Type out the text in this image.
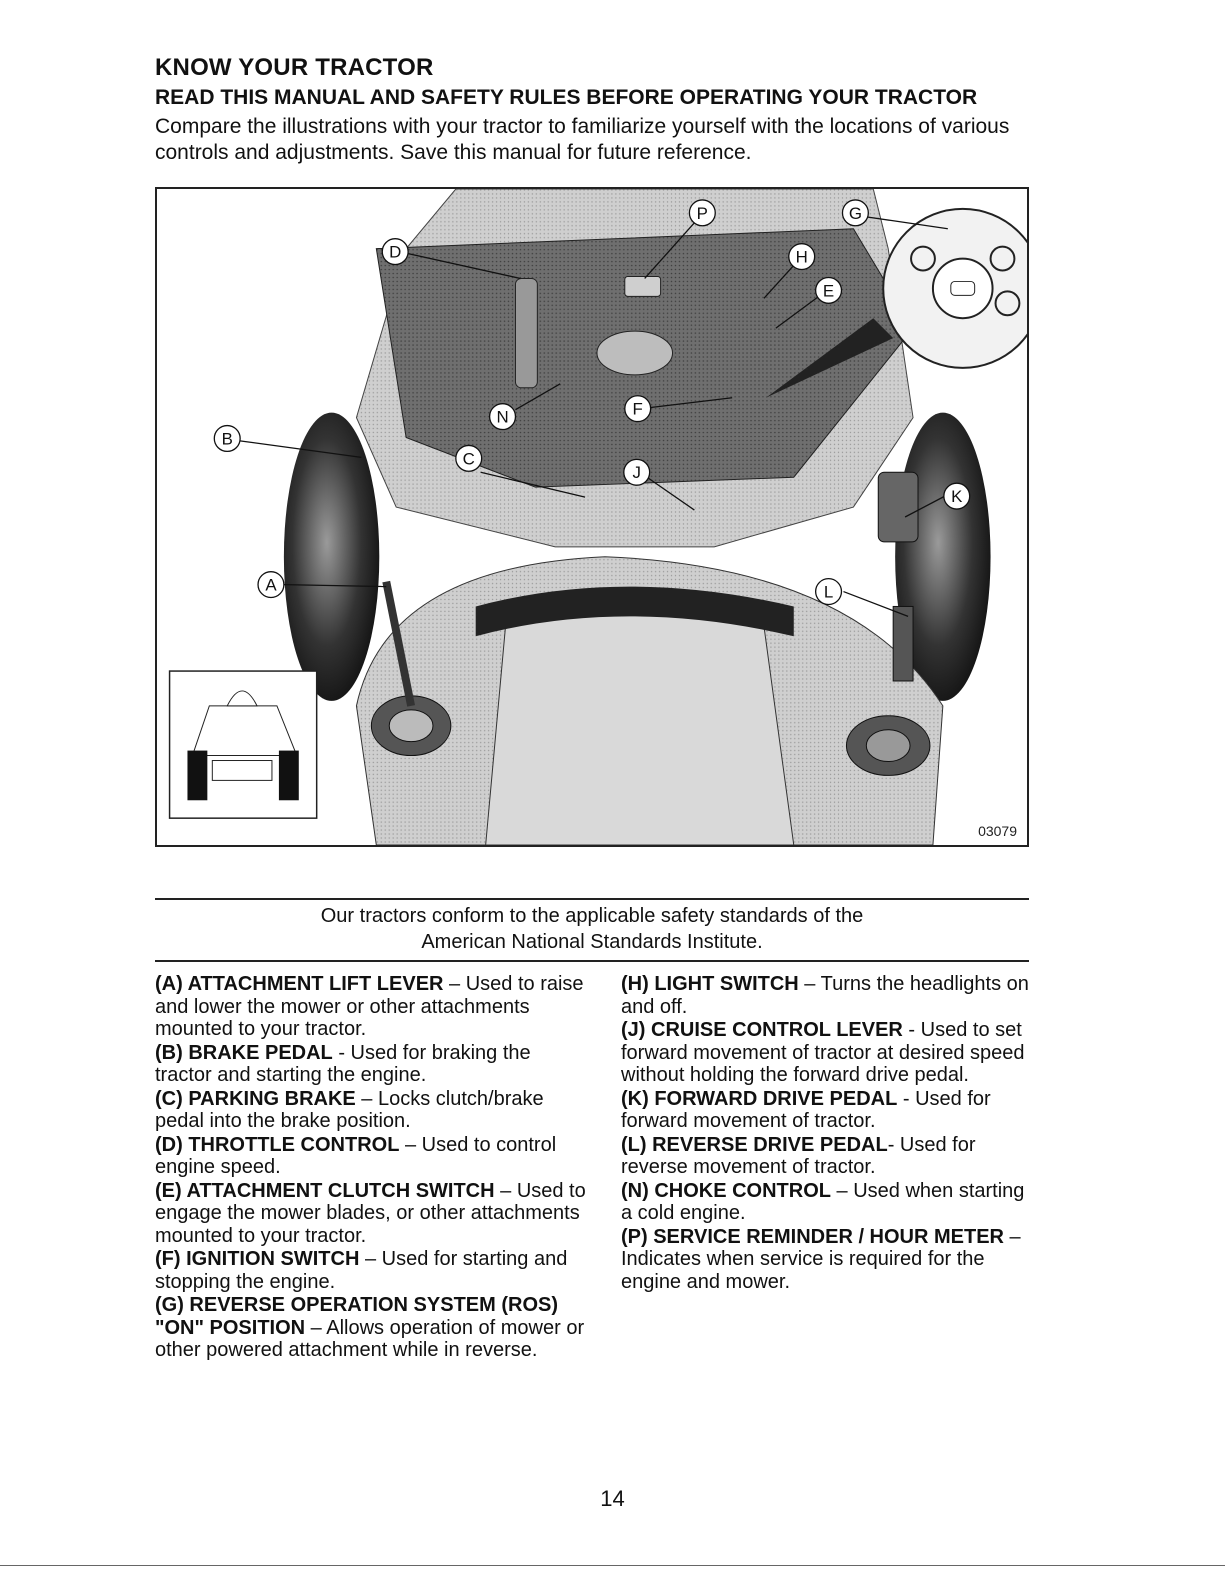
KNOW YOUR TRACTOR
READ THIS MANUAL AND SAFETY RULES BEFORE OPERATING YOUR TRACTOR

Compare the illustrations with your tractor to familiarize yourself with the locations of various controls and adjustments. Save this manual for future reference.

D
P	G
H
E
N	F
B
C
J
K
A	L
03079

Our tractors conform to the applicable safety standards of the
American National Standards Institute.

(A) ATTACHMENT LIFT LEVER – Used to raise and lower the mower or other attachments mounted to your tractor.

(B) BRAKE PEDAL - Used for braking the tractor and starting the engine.

(C) PARKING BRAKE – Locks clutch/brake pedal into the brake position.

(D) THROTTLE CONTROL – Used to control engine speed.

(E) ATTACHMENT CLUTCH SWITCH – Used to engage the mower blades, or other attachments mounted to your tractor.

(F) IGNITION SWITCH – Used for starting and stopping the engine.

(G) REVERSE OPERATION SYSTEM (ROS) "ON" POSITION – Allows operation of mower or other powered attachment while in reverse.

(H) LIGHT SWITCH – Turns the headlights on and off.

(J) CRUISE CONTROL LEVER - Used to set forward movement of tractor at desired speed without holding the forward drive pedal.

(K) FORWARD DRIVE PEDAL - Used for forward movement of tractor.

(L) REVERSE DRIVE PEDAL- Used for reverse movement of tractor.

(N) CHOKE CONTROL – Used when starting a cold engine.

(P) SERVICE REMINDER / HOUR METER – Indicates when service is required for the engine and mower.

14
